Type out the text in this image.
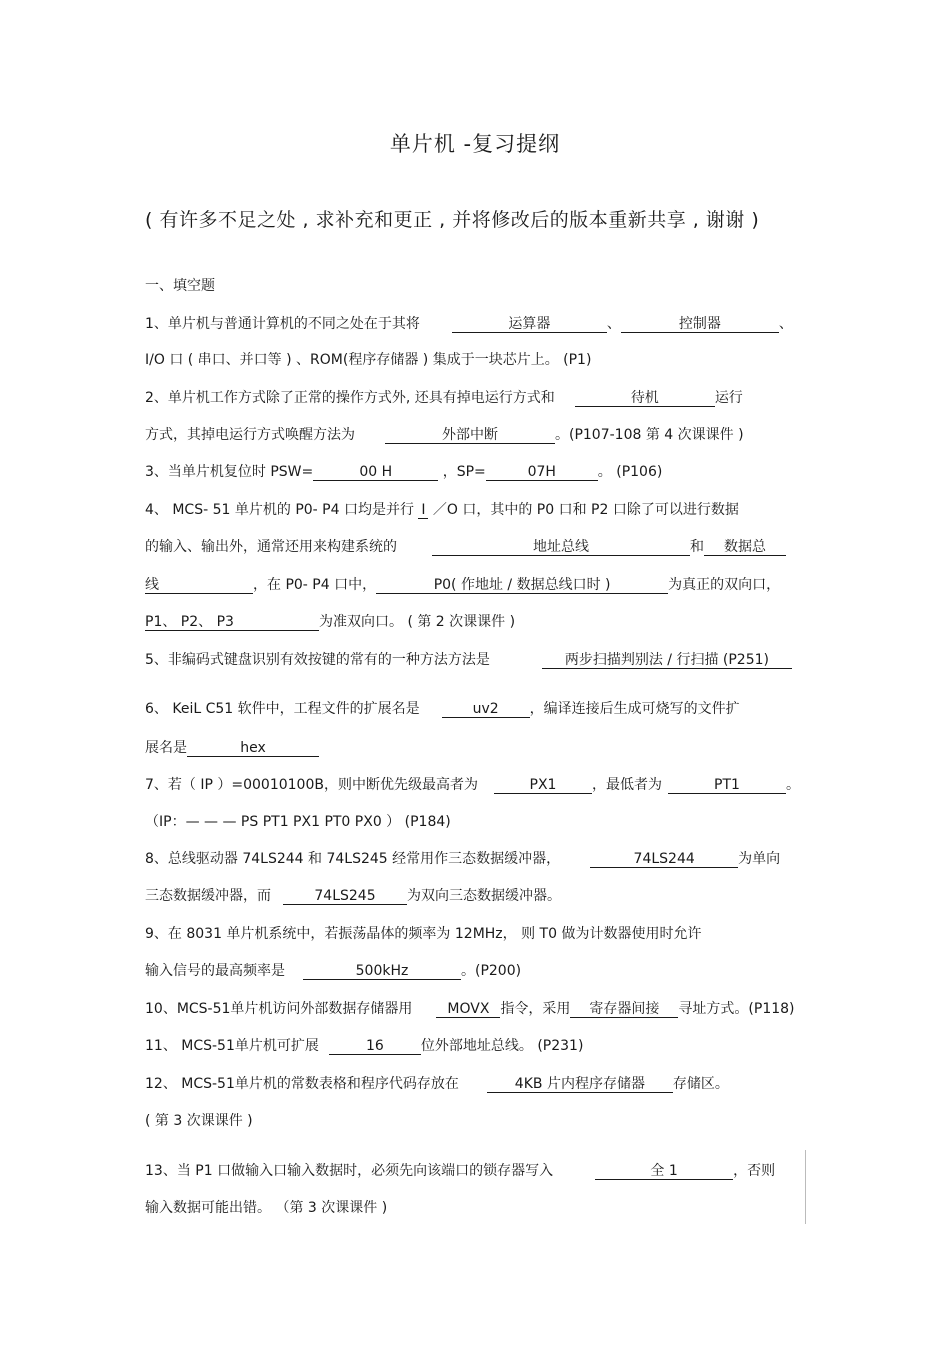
单片机 -复习提纲
( 有许多不足之处 , 求补充和更正 , 并将修改后的版本重新共享 , 谢谢 )
一、填空题
1、单片机与普通计算机的不同之处在于其将	运算器	、	控制器	、
I/O 口 ( 串口、并口等 ) 、ROM(程序存储器 ) 集成于一块芯片上。 (P1)
2、单片机工作方式除了正常的操作方式外, 还具有掉电运行方式和	待机	运行
方式，其掉电运行方式唤醒方法为	外部中断	。(P107-108 第 4 次课课件 )
3、当单片机复位时 PSW=	00 H	，SP=	07H	。 (P106)
4、 MCS- 51 单片机的 P0- P4 口均是并行 I ／O 口，其中的 P0 口和 P2 口除了可以进行数据
的输入、输出外，通常还用来构建系统的	地址总线	和 数据总
线	，在 P0- P4 口中，	P0( 作地址 / 数据总线口时 )	为真正的双向口，
P1、 P2、 P3	为准双向口。 ( 第 2 次课课件 )
5、非编码式键盘识别有效按键的常有的一种方法方法是	两步扫描判别法 / 行扫描 (P251)
6、 KeiL C51 软件中，工程文件的扩展名是	uv2 ，编译连接后生成可烧写的文件扩
展名是	hex
7、若（ IP ）=00010100B，则中断优先级最高者为	PX1	，最低者为	PT1	。
（IP：— — — PS PT1 PX1 PT0 PX0 ） (P184)
8、总线驱动器 74LS244 和 74LS245 经常用作三态数据缓冲器，	74LS244	为单向
三态数据缓冲器，而	74LS245 为双向三态数据缓冲器。
9、在 8031 单片机系统中，若振荡晶体的频率为 12MHz， 则 T0 做为计数器使用时允许
输入信号的最高频率是	500kHz	。(P200)
10、MCS-51单片机访问外部数据存储器用 MOVX 指令，采用 寄存器间接 寻址方式。(P118)
11、 MCS-51单片机可扩展	16	位外部地址总线。 (P231)
12、 MCS-51单片机的常数表格和程序代码存放在	4KB 片内程序存储器 存储区。
( 第 3 次课课件 )
13、当 P1 口做输入口输入数据时，必须先向该端口的锁存器写入	全 1	，否则
输入数据可能出错。 （第 3 次课课件 )
